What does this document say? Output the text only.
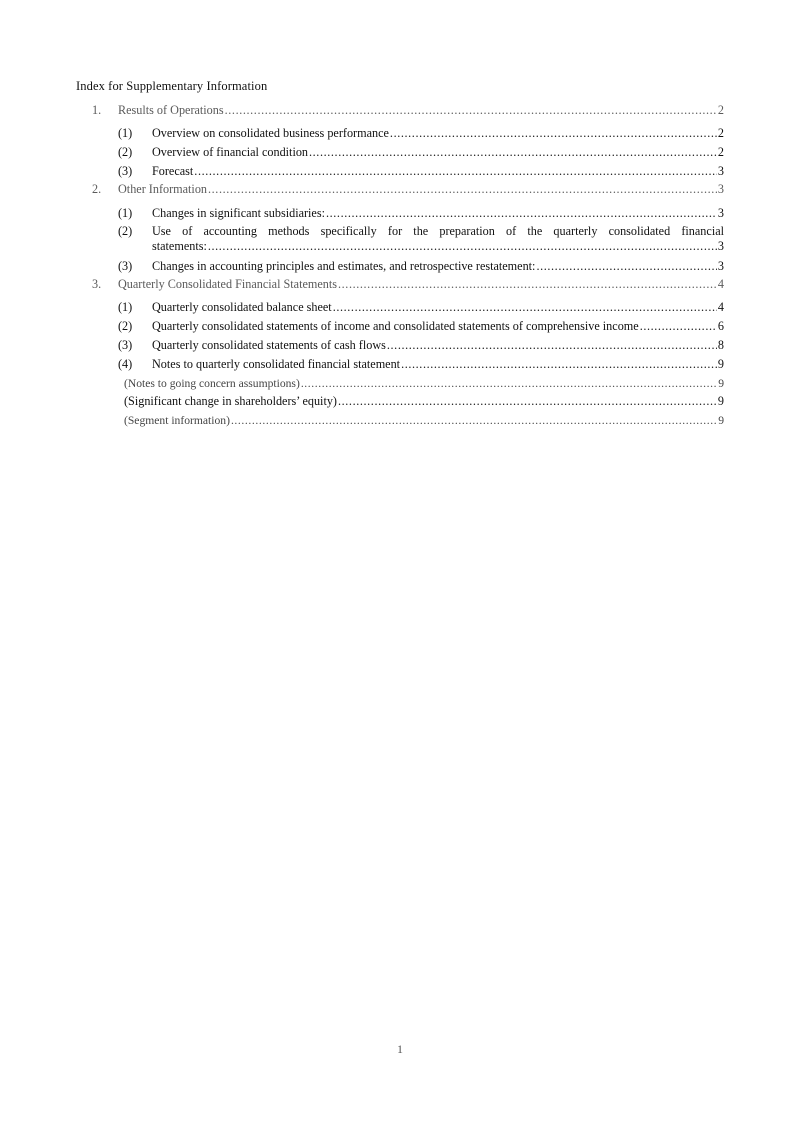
Index for Supplementary Information
1. Results of Operations .....	2
(1) Overview on consolidated business performance .....	2
(2) Overview of financial condition .....	2
(3) Forecast .....	3
2. Other Information .....	3
(1) Changes in significant subsidiaries: .....	3
(2) Use of accounting methods specifically for the preparation of the quarterly consolidated financial
statements: .....	3
(3) Changes in accounting principles and estimates, and retrospective restatement: .....	3
3. Quarterly Consolidated Financial Statements .....	4
(1) Quarterly consolidated balance sheet .....	4
(2) Quarterly consolidated statements of income and consolidated statements of comprehensive income .....	6
(3) Quarterly consolidated statements of cash flows .....	8
(4) Notes to quarterly consolidated financial statement .....	9
(Notes to going concern assumptions) .....	9
(Significant change in shareholders’ equity) .....	9
(Segment information) .....	9
1
